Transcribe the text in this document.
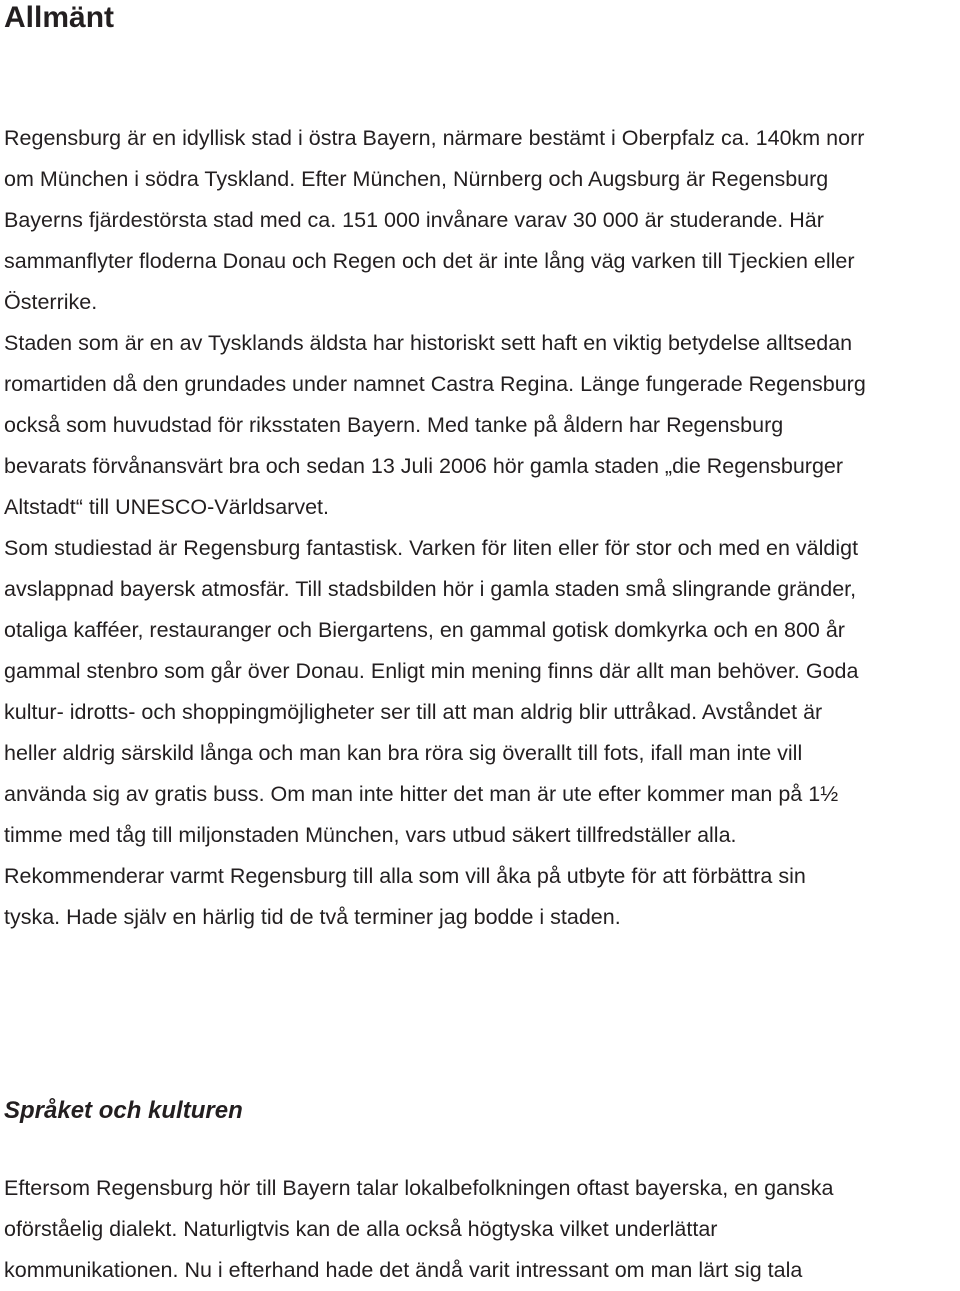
Allmänt
Regensburg är en idyllisk stad i östra Bayern, närmare bestämt i Oberpfalz ca. 140km norr
om München i södra Tyskland. Efter München, Nürnberg och Augsburg är Regensburg
Bayerns fjärdestörsta stad med ca. 151 000 invånare varav 30 000 är studerande. Här
sammanflyter floderna Donau och Regen och det är inte lång väg varken till Tjeckien eller
Österrike.
Staden som är en av Tysklands äldsta har historiskt sett haft en viktig betydelse alltsedan
romartiden då den grundades under namnet Castra Regina. Länge fungerade Regensburg
också som huvudstad för riksstaten Bayern. Med tanke på åldern har Regensburg
bevarats förvånansvärt bra och sedan 13 Juli 2006 hör gamla staden „die Regensburger
Altstadt“ till UNESCO-Världsarvet.
Som studiestad är Regensburg fantastisk. Varken för liten eller för stor och med en väldigt
avslappnad bayersk atmosfär. Till stadsbilden hör i gamla staden små slingrande gränder,
otaliga kafféer, restauranger och Biergartens, en gammal gotisk domkyrka och en 800 år
gammal stenbro som går över Donau. Enligt min mening finns där allt man behöver. Goda
kultur- idrotts- och shoppingmöjligheter ser till att man aldrig blir uttråkad. Avståndet är
heller aldrig särskild långa och man kan bra röra sig överallt till fots, ifall man inte vill
använda sig av gratis buss. Om man inte hitter det man är ute efter kommer man på 1½
timme med tåg till miljonstaden München, vars utbud säkert tillfredställer alla.
Rekommenderar varmt Regensburg till alla som vill åka på utbyte för att förbättra sin
tyska. Hade själv en härlig tid de två terminer jag bodde i staden.
Språket och kulturen
Eftersom Regensburg hör till Bayern talar lokalbefolkningen oftast bayerska, en ganska
oförståelig dialekt. Naturligtvis kan de alla också högtyska vilket underlättar
kommunikationen. Nu i efterhand hade det ändå varit intressant om man lärt sig tala
